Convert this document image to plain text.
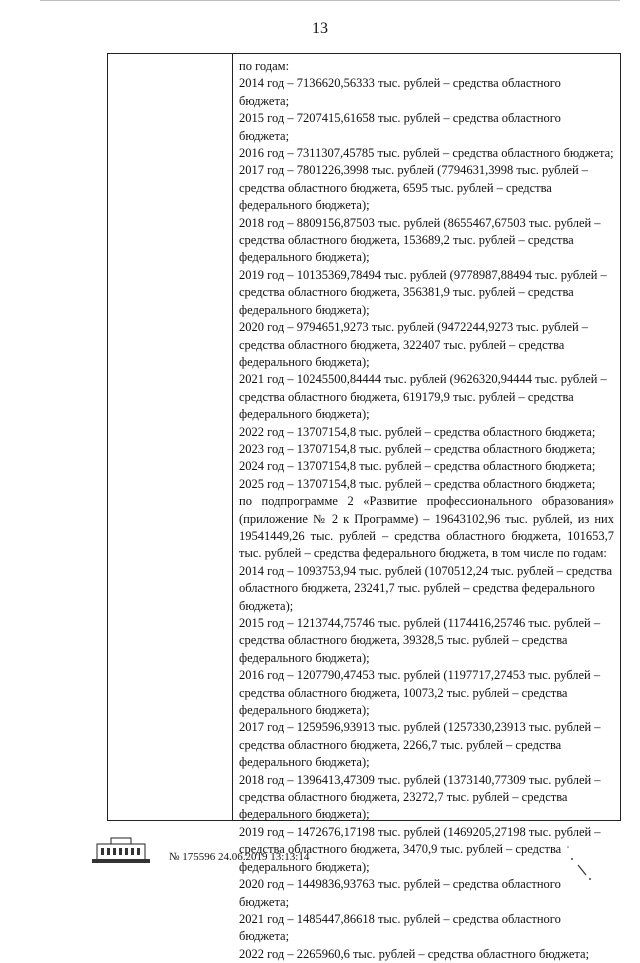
13

по годам:

2014 год – 7136620,56333 тыс. рублей – средства областного бюджета;

2015 год – 7207415,61658 тыс. рублей – средства областного бюджета;

2016 год – 7311307,45785 тыс. рублей – средства областного бюджета;

2017 год – 7801226,3998 тыс. рублей (7794631,3998 тыс. рублей – средства областного бюджета, 6595 тыс. рублей – средства федерального бюджета);

2018 год – 8809156,87503 тыс. рублей (8655467,67503 тыс. рублей – средства областного бюджета, 153689,2 тыс. рублей – средства федерального бюджета);

2019 год – 10135369,78494 тыс. рублей (9778987,88494 тыс. рублей – средства областного бюджета, 356381,9 тыс. рублей – средства федерального бюджета);

2020 год – 9794651,9273 тыс. рублей (9472244,9273 тыс. рублей – средства областного бюджета, 322407 тыс. рублей – средства федерального бюджета);

2021 год – 10245500,84444 тыс. рублей (9626320,94444 тыс. рублей – средства областного бюджета, 619179,9 тыс. рублей – средства федерального бюджета);

2022 год – 13707154,8 тыс. рублей – средства областного бюджета;

2023 год – 13707154,8 тыс. рублей – средства областного бюджета;

2024 год – 13707154,8 тыс. рублей – средства областного бюджета;

2025 год – 13707154,8 тыс. рублей – средства областного бюджета;

по подпрограмме 2 «Развитие профессионального образования» (приложение № 2 к Программе) – 19643102,96 тыс. рублей, из них 19541449,26 тыс. рублей – средства областного бюджета, 101653,7 тыс. рублей – средства федерального бюджета, в том числе по годам:

2014 год – 1093753,94 тыс. рублей (1070512,24 тыс. рублей – средства областного бюджета, 23241,7 тыс. рублей – средства федерального бюджета);

2015 год – 1213744,75746 тыс. рублей (1174416,25746 тыс. рублей – средства областного бюджета, 39328,5 тыс. рублей – средства федерального бюджета);

2016 год – 1207790,47453 тыс. рублей (1197717,27453 тыс. рублей – средства областного бюджета, 10073,2 тыс. рублей – средства федерального бюджета);

2017 год – 1259596,93913 тыс. рублей (1257330,23913 тыс. рублей – средства областного бюджета, 2266,7 тыс. рублей – средства федерального бюджета);

2018 год – 1396413,47309 тыс. рублей (1373140,77309 тыс. рублей – средства областного бюджета, 23272,7 тыс. рублей – средства федерального бюджета);

2019 год – 1472676,17198 тыс. рублей (1469205,27198 тыс. рублей – средства областного бюджета, 3470,9 тыс. рублей – средства федерального бюджета);

2020 год – 1449836,93763 тыс. рублей – средства областного бюджета;

2021 год – 1485447,86618 тыс. рублей – средства областного бюджета;

2022 год – 2265960,6 тыс. рублей – средства областного бюджета;

№ 175596 24.06.2019 13:13:14
